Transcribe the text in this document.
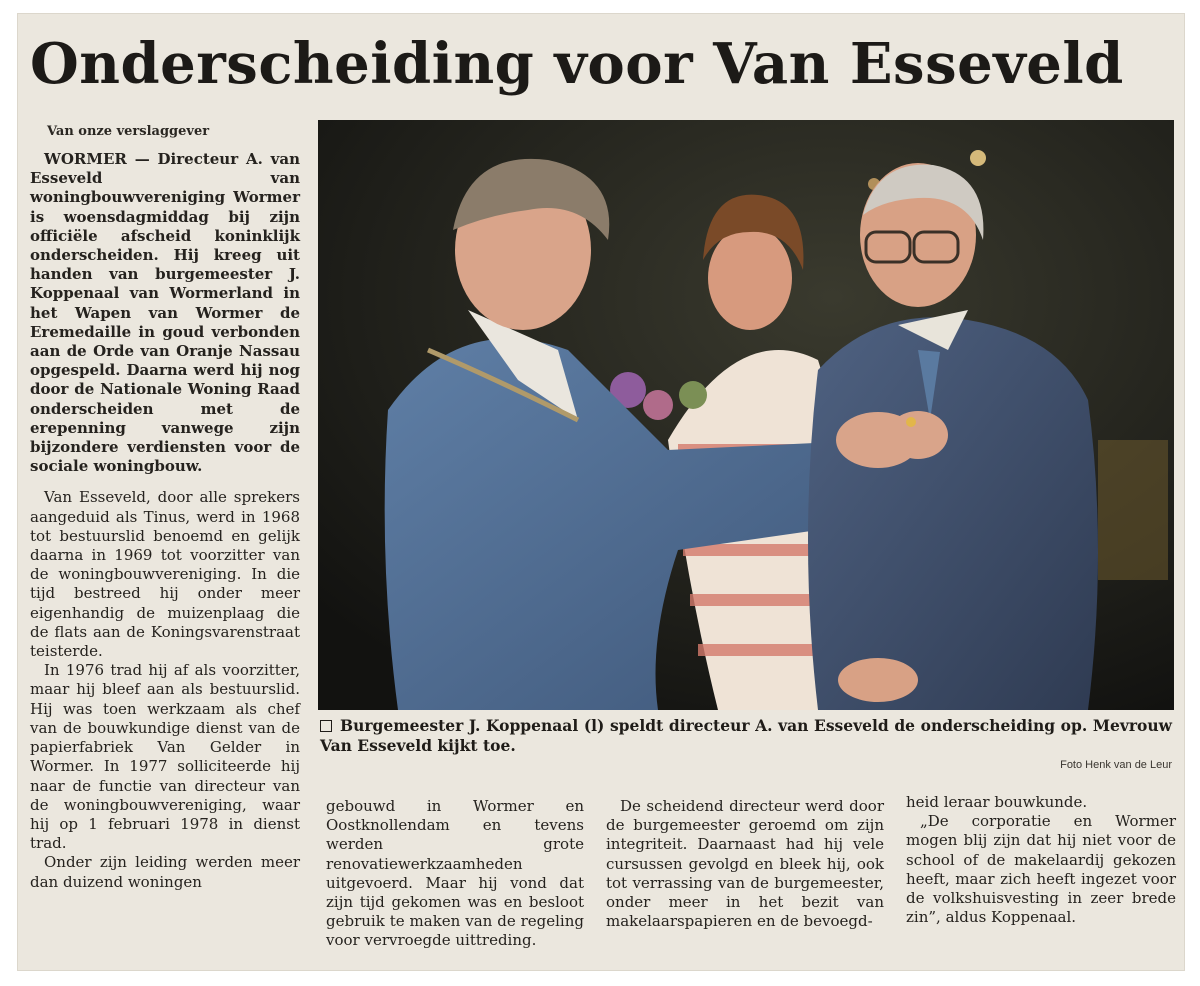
Onderscheiding voor Van Esseveld
Van onze verslaggever

WORMER — Directeur A. van Esseveld van woningbouwvereniging Wormer is woensdagmiddag bij zijn officiële afscheid koninklijk onderscheiden. Hij kreeg uit handen van burgemeester J. Koppenaal van Wormerland in het Wapen van Wormer de Eremedaille in goud verbonden aan de Orde van Oranje Nassau opgespeld. Daarna werd hij nog door de Nationale Woning Raad onderscheiden met de erepenning vanwege zijn bijzondere verdiensten voor de sociale woningbouw.

Van Esseveld, door alle sprekers aangeduid als Tinus, werd in 1968 tot bestuurslid benoemd en gelijk daarna in 1969 tot voorzitter van de woningbouwvereniging. In die tijd bestreed hij onder meer eigenhandig de muizenplaag die de flats aan de Koningsvarenstraat teisterde.

In 1976 trad hij af als voorzitter, maar hij bleef aan als bestuurslid. Hij was toen werkzaam als chef van de bouwkundige dienst van de papierfabriek Van Gelder in Wormer. In 1977 solliciteerde hij naar de functie van directeur van de woningbouwvereniging, waar hij op 1 februari 1978 in dienst trad.

Onder zijn leiding werden meer dan duizend woningen

Burgemeester J. Koppenaal (l) speldt directeur A. van Esseveld de onderscheiding op. Mevrouw Van Esseveld kijkt toe.
Foto Henk van de Leur

gebouwd in Wormer en Oostknollendam en tevens werden grote renovatiewerkzaamheden uitgevoerd. Maar hij vond dat zijn tijd gekomen was en besloot gebruik te maken van de regeling voor vervroegde uittreding.

De scheidend directeur werd door de burgemeester geroemd om zijn integriteit. Daarnaast had hij vele cursussen gevolgd en bleek hij, ook tot verrassing van de burgemeester, onder meer in het bezit van makelaarspapieren en de bevoegd-

heid leraar bouwkunde.

„De corporatie en Wormer mogen blij zijn dat hij niet voor de school of de makelaardij gekozen heeft, maar zich heeft ingezet voor de volkshuisvesting in zeer brede zin”, aldus Koppenaal.
